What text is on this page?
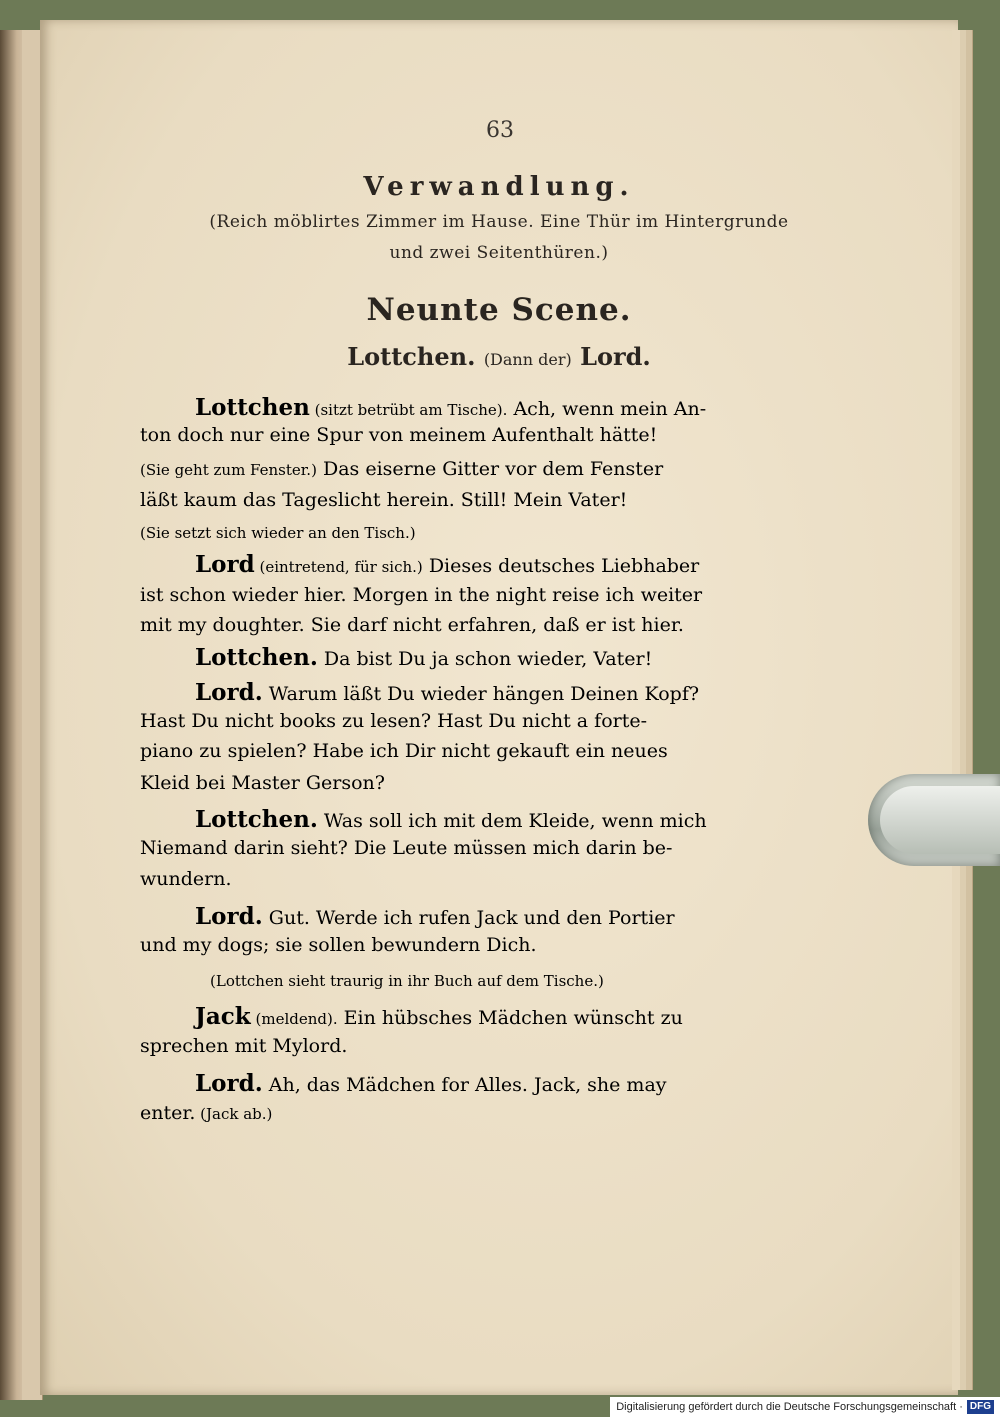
63
Verwandlung.
(Reich möblirtes Zimmer im Hause. Eine Thür im Hintergrunde
und zwei Seitenthüren.)
Neunte Scene.
Lottchen. (Dann der) Lord.
Lottchen (sitzt betrübt am Tische). Ach, wenn mein An-
ton doch nur eine Spur von meinem Aufenthalt hätte!
(Sie geht zum Fenster.) Das eiserne Gitter vor dem Fenster
läßt kaum das Tageslicht herein. Still! Mein Vater!
(Sie setzt sich wieder an den Tisch.)
Lord (eintretend, für sich.) Dieses deutsches Liebhaber
ist schon wieder hier. Morgen in the night reise ich weiter
mit my doughter. Sie darf nicht erfahren, daß er ist hier.
Lottchen. Da bist Du ja schon wieder, Vater!
Lord. Warum läßt Du wieder hängen Deinen Kopf?
Hast Du nicht books zu lesen? Hast Du nicht a forte-
piano zu spielen? Habe ich Dir nicht gekauft ein neues
Kleid bei Master Gerson?
Lottchen. Was soll ich mit dem Kleide, wenn mich
Niemand darin sieht? Die Leute müssen mich darin be-
wundern.
Lord. Gut. Werde ich rufen Jack und den Portier
und my dogs; sie sollen bewundern Dich.
(Lottchen sieht traurig in ihr Buch auf dem Tische.)
Jack (meldend). Ein hübsches Mädchen wünscht zu
sprechen mit Mylord.
Lord. Ah, das Mädchen for Alles. Jack, she may
enter. (Jack ab.)
Digitalisierung gefördert durch die Deutsche Forschungsgemeinschaft · DFG
